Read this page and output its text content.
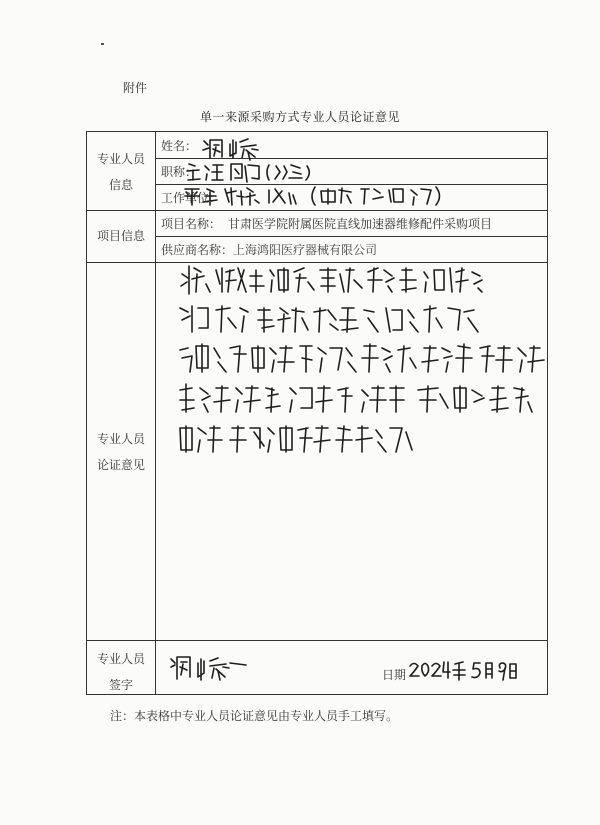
附件
单一来源采购方式专业人员论证意见
专业人员
信息
姓名：
职称：
工作单位：
项目信息
项目名称： 甘肃医学院附属医院直线加速器维修配件采购项目
供应商名称： 上海鸿阳医疗器械有限公司
专业人员
论证意见
专业人员
签字
日期
注：本表格中专业人员论证意见由专业人员手工填写。
